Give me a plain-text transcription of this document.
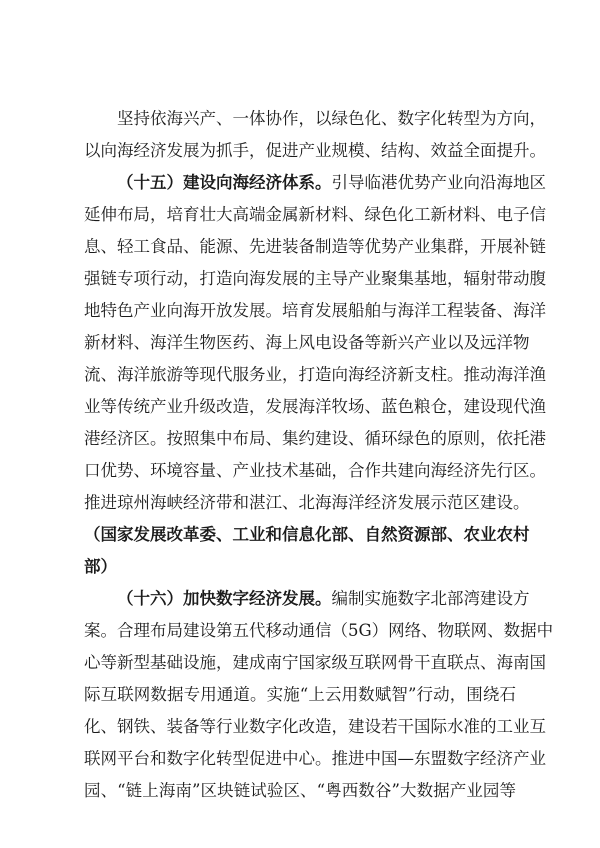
坚持依海兴产、一体协作，以绿色化、数字化转型为方向，
以向海经济发展为抓手，促进产业规模、结构、效益全面提升。
（十五）建设向海经济体系。引导临港优势产业向沿海地区
延伸布局，培育壮大高端金属新材料、绿色化工新材料、电子信
息、轻工食品、能源、先进装备制造等优势产业集群，开展补链
强链专项行动，打造向海发展的主导产业聚集基地，辐射带动腹
地特色产业向海开放发展。培育发展船舶与海洋工程装备、海洋
新材料、海洋生物医药、海上风电设备等新兴产业以及远洋物
流、海洋旅游等现代服务业，打造向海经济新支柱。推动海洋渔
业等传统产业升级改造，发展海洋牧场、蓝色粮仓，建设现代渔
港经济区。按照集中布局、集约建设、循环绿色的原则，依托港
口优势、环境容量、产业技术基础，合作共建向海经济先行区。
推进琼州海峡经济带和湛江、北海海洋经济发展示范区建设。
（国家发展改革委、工业和信息化部、自然资源部、农业农村
部）
（十六）加快数字经济发展。编制实施数字北部湾建设方
案。合理布局建设第五代移动通信（5G）网络、物联网、数据中
心等新型基础设施，建成南宁国家级互联网骨干直联点、海南国
际互联网数据专用通道。实施“上云用数赋智”行动，围绕石
化、钢铁、装备等行业数字化改造，建设若干国际水准的工业互
联网平台和数字化转型促进中心。推进中国—东盟数字经济产业
园、“链上海南”区块链试验区、“粤西数谷”大数据产业园等
